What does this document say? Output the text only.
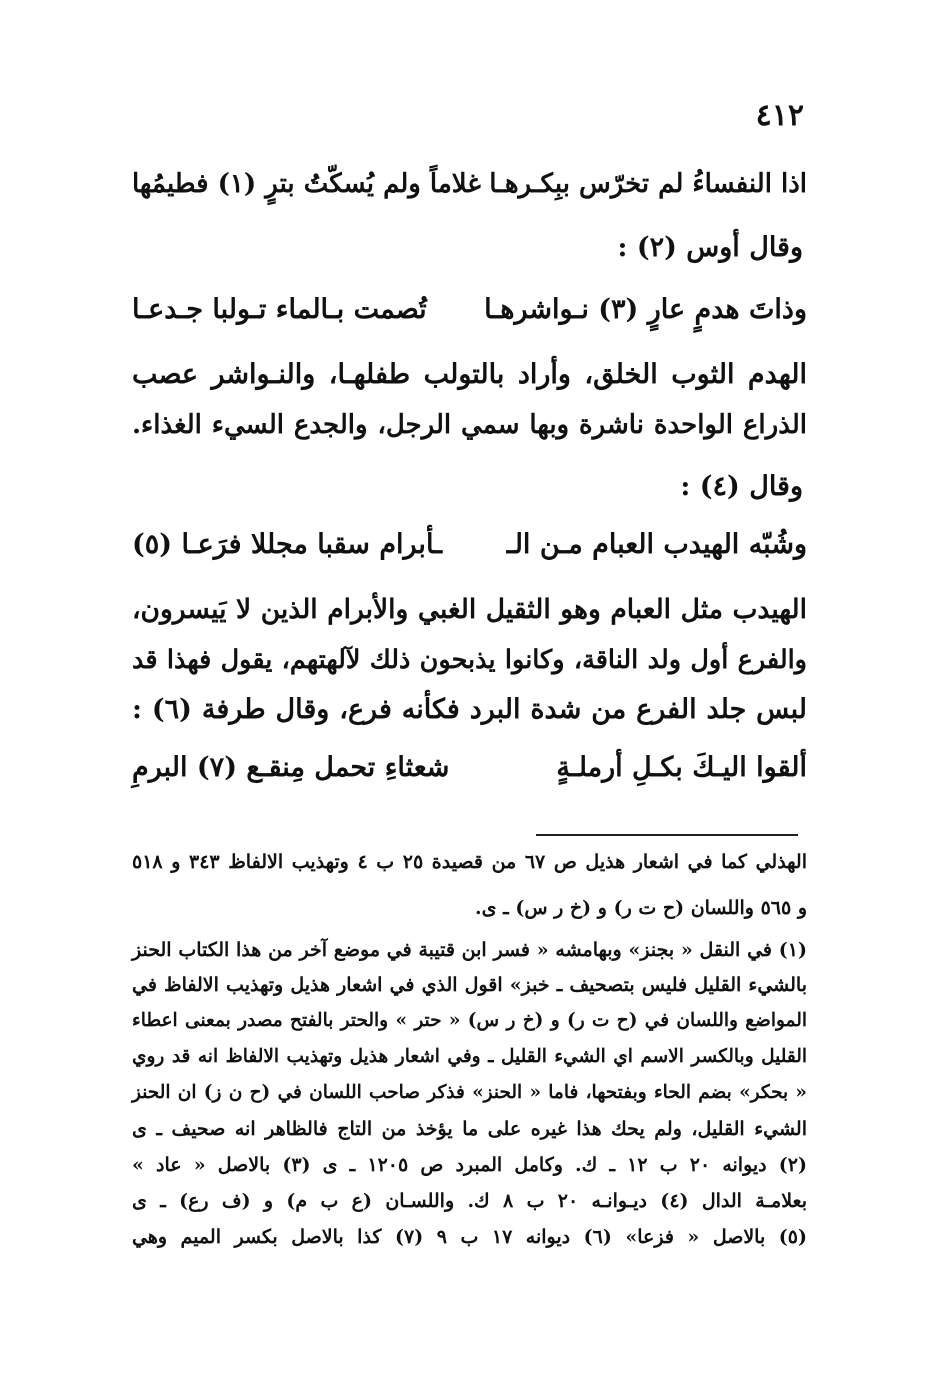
٤١٢
اذا النفساءُ لم تخرّس ببِكـرهـا
غلاماً ولم يُسكّتُ بترٍ (١) فطيمُها
وقال أوس (٢) :
وذاتَ هدمٍ عارٍ (٣) نـواشرهـا
تُصمت بـالماء تـولبا جـدعـا
الهدم الثوب الخلق، وأراد بالتولب طفلهـا، والنـواشر عصب
الذراع الواحدة ناشرة وبها سمي الرجل، والجدع السيء الغذاء.
وقال (٤) :
وشُبّه الهيدب العبام مـن الـ
ـأبرام سقبا مجللا فرَعـا (٥)
الهيدب مثل العبام وهو الثقيل الغبي والأبرام الذين لا يَيسرون،
والفرع أول ولد الناقة، وكانوا يذبحون ذلك لآلهتهم، يقول فهذا قد
لبس جلد الفرع من شدة البرد فكأنه فرع، وقال طرفة (٦) :
ألقوا اليـكَ بكـلِ أرملـةٍ
شعثاءِ تحمل مِنقـع (٧) البرمِ
الهذلي كما في اشعار هذيل ص ٦٧ من قصيدة ٢٥ ب ٤ وتهذيب الالفاظ ٣٤٣ و ٥١٨
و ٥٦٥ واللسان (ح ت ر) و (خ ر س) ـ ى.
(١) في النقل « بجنز» وبهامشه « فسر ابن قتيبة في موضع آخر من هذا الكتاب الحنز
بالشيء القليل فليس بتصحيف ـ خبز» اقول الذي في اشعار هذيل وتهذيب الالفاظ في
المواضع واللسان في (ح ت ر) و (خ ر س) « حتر » والحتر بالفتح مصدر بمعنى اعطاء
القليل وبالكسر الاسم اي الشيء القليل ـ وفي اشعار هذيل وتهذيب الالفاظ انه قد روي
« بحكر» بضم الحاء وبفتحها، فاما « الحنز» فذكر صاحب اللسان في (ح ن ز) ان الحنز
الشيء القليل، ولم يحك هذا غيره على ما يؤخذ من التاج فالظاهر انه صحيف ـ ى
(٢) ديوانه ٢٠ ب ١٢ ـ ك. وكامل المبرد ص ١٢٠٥ ـ ى (٣) بالاصل « عاد »
بعلامـة الدال (٤) ديـوانـه ٢٠ ب ٨ ك. واللسـان (ع ب م) و (ف رع) ـ ى
(٥) بالاصل « فزعا» (٦) ديوانه ١٧ ب ٩ (٧) كذا بالاصل بكسر الميم وهي
